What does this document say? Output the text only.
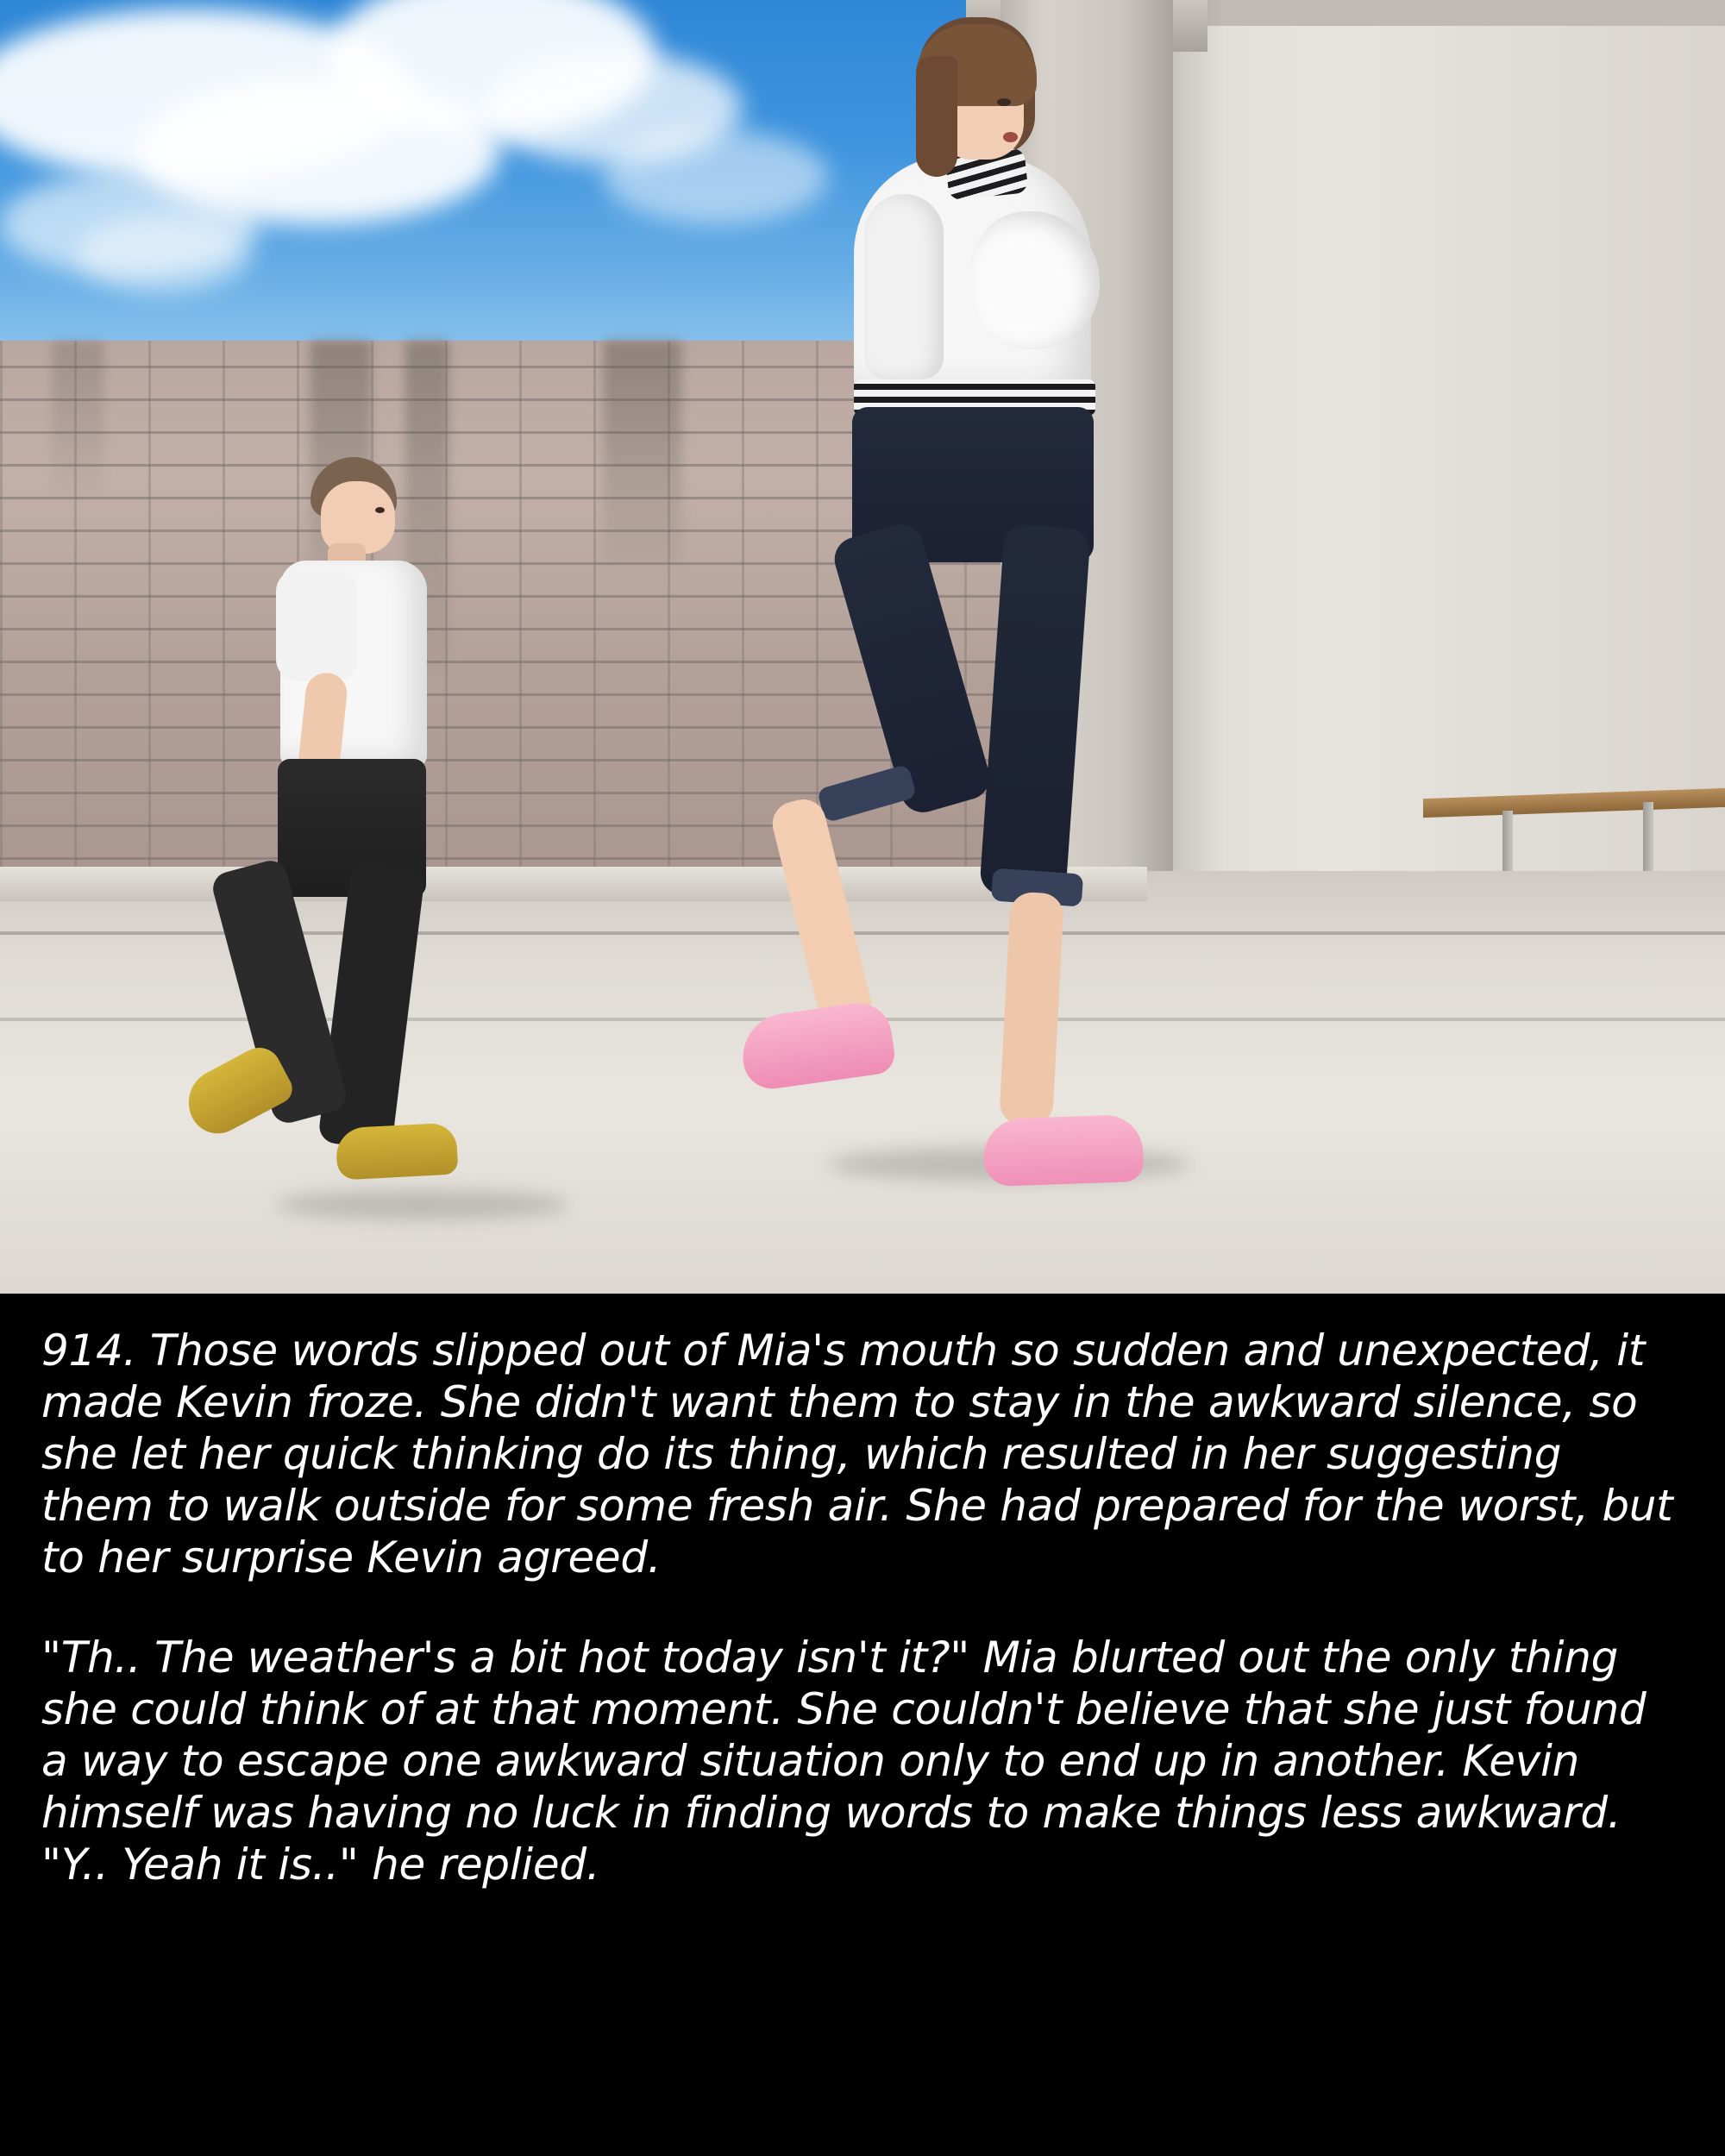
914. Those words slipped out of Mia's mouth so sudden and unexpected, it made Kevin froze. She didn't want them to stay in the awkward silence, so she let her quick thinking do its thing, which resulted in her suggesting them to walk outside for some fresh air. She had prepared for the worst, but to her surprise Kevin agreed.

"Th.. The weather's a bit hot today isn't it?" Mia blurted out the only thing she could think of at that moment. She couldn't believe that she just found a way to escape one awkward situation only to end up in another. Kevin himself was having no luck in finding words to make things less awkward.

"Y.. Yeah it is.." he replied.
